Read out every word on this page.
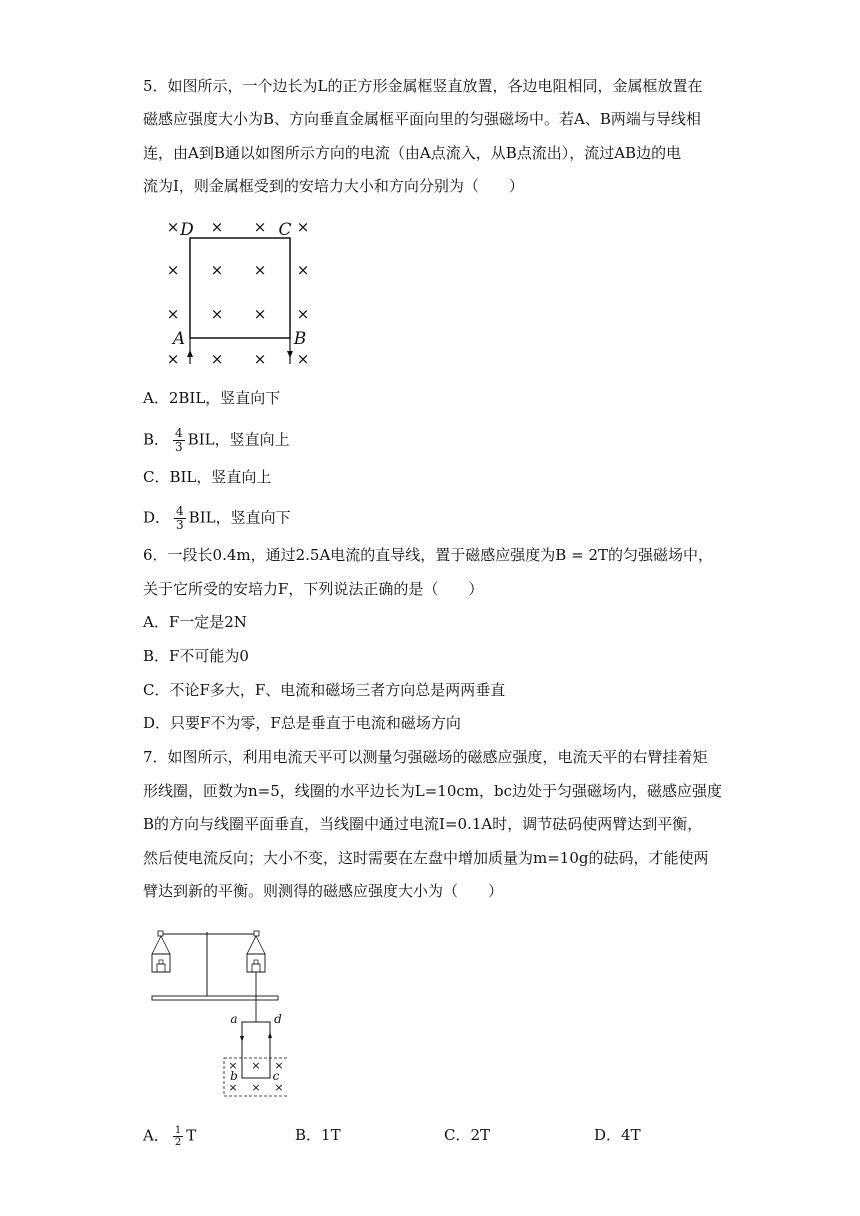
5．如图所示，一个边长为L的正方形金属框竖直放置，各边电阻相同，金属框放置在
磁感应强度大小为B、方向垂直金属框平面向里的匀强磁场中。若A、B两端与导线相
连，由A到B通以如图所示方向的电流（由A点流入，从B点流出），流过AB边的电
流为I，则金属框受到的安培力大小和方向分别为（　　）
× × × ×
× × × ×
× × × ×
× × × ×
D	C
A	B
A．2BIL，竖直向下
B． $\frac{4}{3}$ BIL，竖直向上
C．BIL，竖直向上
D． $\frac{4}{3}$ BIL，竖直向下
6．一段长0.4m，通过2.5A电流的直导线，置于磁感应强度为B = 2T的匀强磁场中，
关于它所受的安培力F，下列说法正确的是（　　）
A．F一定是2N
B．F不可能为0
C．不论F多大，F、电流和磁场三者方向总是两两垂直
D．只要F不为零，F总是垂直于电流和磁场方向
7．如图所示，利用电流天平可以测量匀强磁场的磁感应强度，电流天平的右臂挂着矩
形线圈，匝数为n=5，线圈的水平边长为L=10cm，bc边处于匀强磁场内，磁感应强度
B的方向与线圈平面垂直，当线圈中通过电流I=0.1A时，调节砝码使两臂达到平衡，
然后使电流反向；大小不变，这时需要在左盘中增加质量为m=10g的砝码，才能使两
臂达到新的平衡。则测得的磁感应强度大小为（　　）
× × ×
× × ×
a	d
b	c
A． $\frac{1}{2}$ T	B．1T	C．2T	D．4T
